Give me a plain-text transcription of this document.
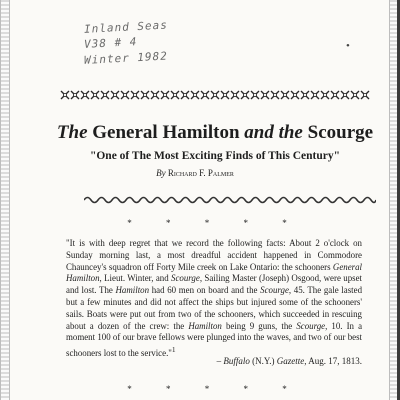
Inland Seas
V38 # 4
Winter 1982
•
The General Hamilton and the Scourge

"One of The Most Exciting Finds of This Century"

By Richard F. Palmer

* * * * *

"It is with deep regret that we record the following facts: About 2 o'clock on Sunday morning last, a most dreadful accident happened in Commodore Chauncey's squadron off Forty Mile creek on Lake Ontario: the schooners General Hamilton, Lieut. Winter, and Scourge, Sailing Master (Joseph) Osgood, were upset and lost. The Hamilton had 60 men on board and the Scourge, 45. The gale lasted but a few minutes and did not affect the ships but injured some of the schooners' sails. Boats were put out from two of the schooners, which succeeded in rescuing about a dozen of the crew: the Hamilton being 9 guns, the Scourge, 10. In a moment 100 of our brave fellows were plunged into the waves, and two of our best schooners lost to the service."$^1$

– Buffalo (N.Y.) Gazette, Aug. 17, 1813.

* * * * *
